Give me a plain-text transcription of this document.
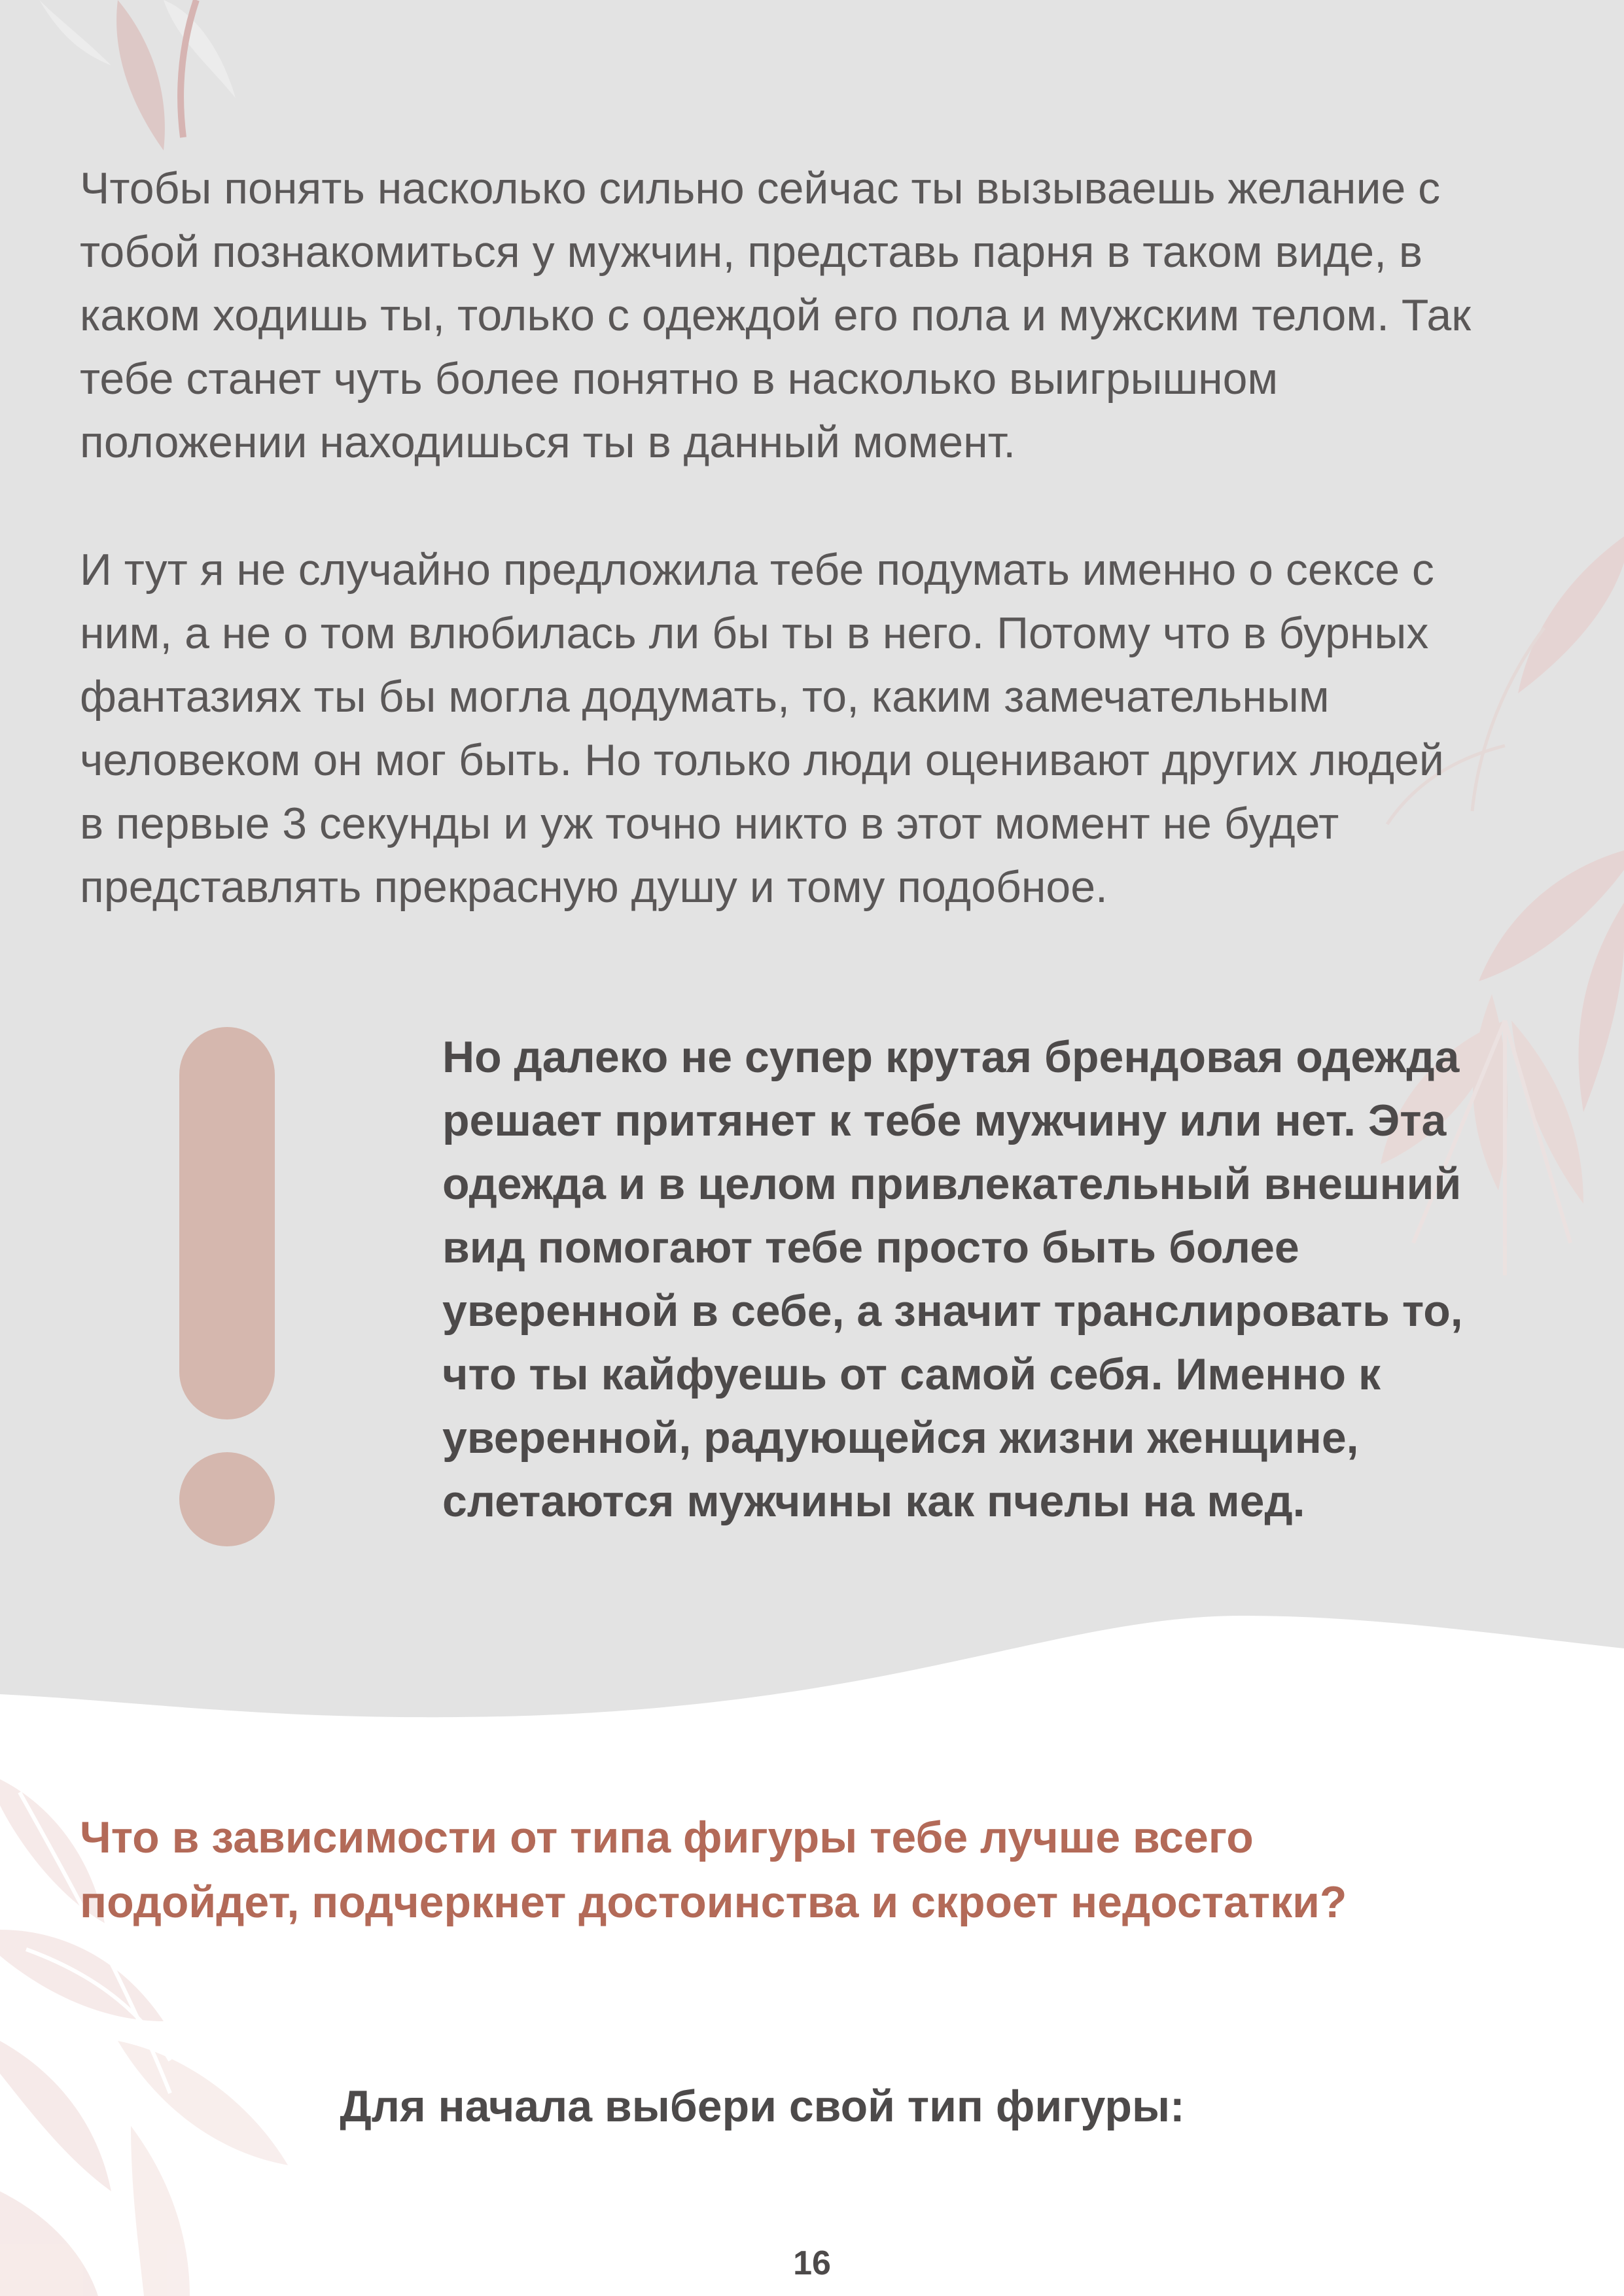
Чтобы понять насколько сильно сейчас ты вызываешь желание с
тобой познакомиться у мужчин, представь парня в таком виде, в
каком ходишь ты, только с одеждой его пола и мужским телом. Так
тебе станет чуть более понятно в насколько выигрышном
положении находишься ты в данный момент.

И тут я не случайно предложила тебе подумать именно о сексе с
ним, а не о том влюбилась ли бы ты в него. Потому что в бурных
фантазиях ты бы могла додумать, то, каким замечательным
человеком он мог быть. Но только люди оценивают других людей
в первые 3 секунды и уж точно никто в этот момент не будет
представлять прекрасную душу и тому подобное.

Но далеко не супер крутая брендовая одежда
решает притянет к тебе мужчину или нет. Эта
одежда и в целом привлекательный внешний
вид помогают тебе просто быть более
уверенной в себе, а значит транслировать то,
что ты кайфуешь от самой себя. Именно к
уверенной, радующейся жизни женщине,
слетаются мужчины как пчелы на мед.

Что в зависимости от типа фигуры тебе лучше всего
подойдет, подчеркнет достоинства и скроет недостатки?

Для начала выбери свой тип фигуры:

16
